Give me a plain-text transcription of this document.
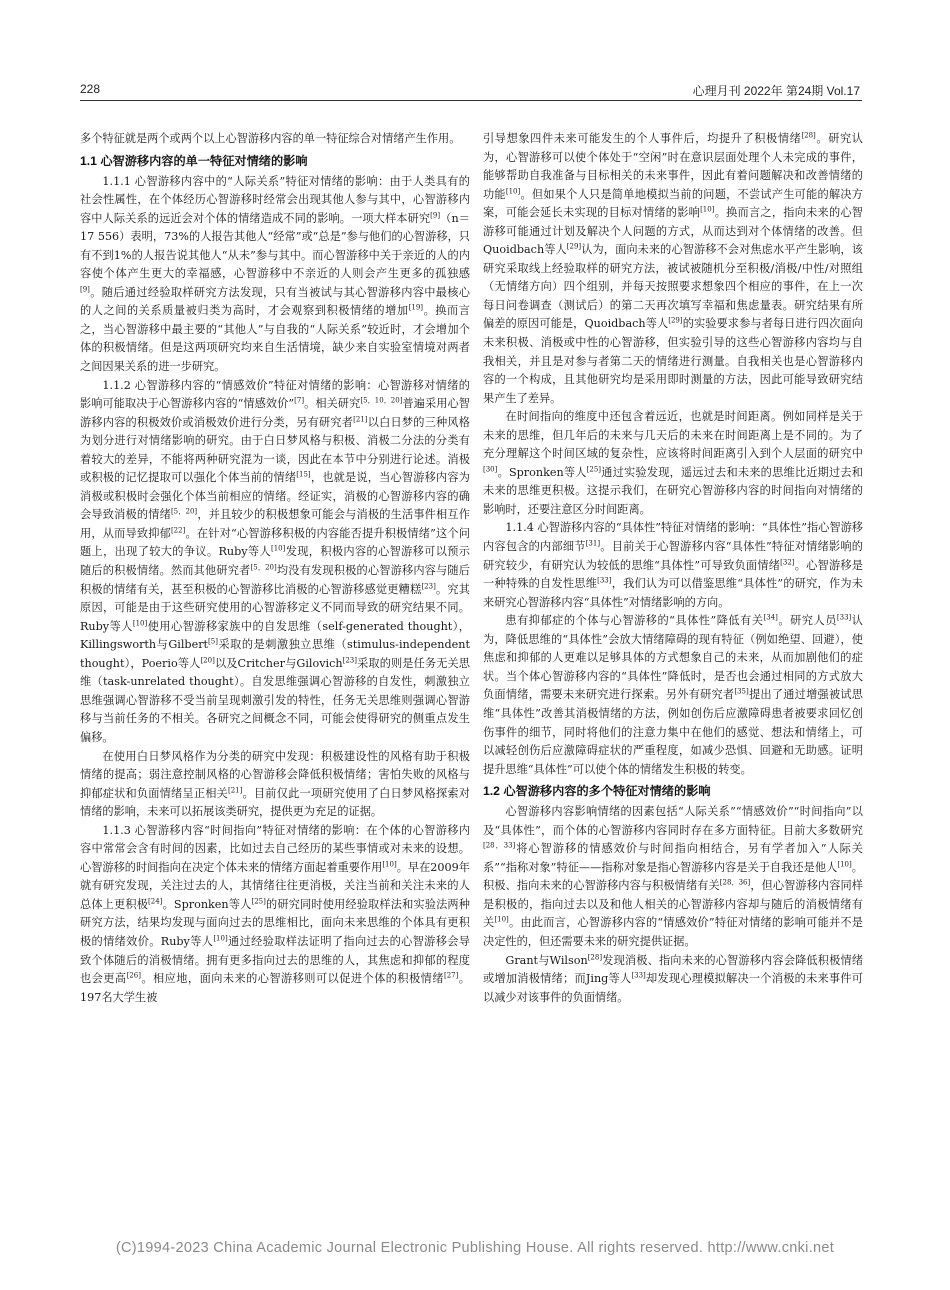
228	心理月刊 2022年 第24期 Vol.17

多个特征就是两个或两个以上心智游移内容的单一特征综合对情绪产生作用。

1.1 心智游移内容的单一特征对情绪的影响

1.1.1 心智游移内容中的“人际关系”特征对情绪的影响：由于人类具有的社会性属性，在个体经历心智游移时经常会出现其他人参与其中，心智游移内容中人际关系的远近会对个体的情绪造成不同的影响。一项大样本研究[9]（n＝17 556）表明，73%的人报告其他人“经常”或“总是”参与他们的心智游移，只有不到1%的人报告说其他人“从未”参与其中。而心智游移中关于亲近的人的内容使个体产生更大的幸福感，心智游移中不亲近的人则会产生更多的孤独感[9]。随后通过经验取样研究方法发现，只有当被试与其心智游移内容中最核心的人之间的关系质量被归类为高时，才会观察到积极情绪的增加[19]。换而言之，当心智游移中最主要的“其他人”与自我的“人际关系”较近时，才会增加个体的积极情绪。但是这两项研究均来自生活情境，缺少来自实验室情境对两者之间因果关系的进一步研究。

1.1.2 心智游移内容的“情感效价”特征对情绪的影响：心智游移对情绪的影响可能取决于心智游移内容的“情感效价”[7]。相关研究[5，10，20]普遍采用心智游移内容的积极效价或消极效价进行分类，另有研究者[21]以白日梦的三种风格为划分进行对情绪影响的研究。由于白日梦风格与积极、消极二分法的分类有着较大的差异，不能将两种研究混为一谈，因此在本节中分别进行论述。消极或积极的记忆提取可以强化个体当前的情绪[15]，也就是说，当心智游移内容为消极或积极时会强化个体当前相应的情绪。经证实，消极的心智游移内容的确会导致消极的情绪[5，20]，并且较少的积极想象可能会与消极的生活事件相互作用，从而导致抑郁[22]。在针对“心智游移积极的内容能否提升积极情绪”这个问题上，出现了较大的争议。Ruby等人[10]发现，积极内容的心智游移可以预示随后的积极情绪。然而其他研究者[5，20]均没有发现积极的心智游移内容与随后积极的情绪有关，甚至积极的心智游移比消极的心智游移感觉更糟糕[23]。究其原因，可能是由于这些研究使用的心智游移定义不同而导致的研究结果不同。Ruby等人[10]使用心智游移家族中的自发思维（self-generated thought），Killingsworth与Gilbert[5]采取的是刺激独立思维（stimulus-independent thought），Poerio等人[20]以及Critcher与Gilovich[23]采取的则是任务无关思维（task-unrelated thought）。自发思维强调心智游移的自发性，刺激独立思维强调心智游移不受当前呈现刺激引发的特性，任务无关思维则强调心智游移与当前任务的不相关。各研究之间概念不同，可能会使得研究的侧重点发生偏移。

在使用白日梦风格作为分类的研究中发现：积极建设性的风格有助于积极情绪的提高；弱注意控制风格的心智游移会降低积极情绪；害怕失败的风格与抑郁症状和负面情绪呈正相关[21]。目前仅此一项研究使用了白日梦风格探索对情绪的影响，未来可以拓展该类研究，提供更为充足的证据。

1.1.3 心智游移内容“时间指向”特征对情绪的影响：在个体的心智游移内容中常常会含有时间的因素，比如过去自己经历的某些事情或对未来的设想。心智游移的时间指向在决定个体未来的情绪方面起着重要作用[10]。早在2009年就有研究发现，关注过去的人，其情绪往往更消极，关注当前和关注未来的人总体上更积极[24]。Spronken等人[25]的研究同时使用经验取样法和实验法两种研究方法，结果均发现与面向过去的思维相比，面向未来思维的个体具有更积极的情绪效价。Ruby等人[10]通过经验取样法证明了指向过去的心智游移会导致个体随后的消极情绪。拥有更多指向过去的思维的人，其焦虑和抑郁的程度也会更高[26]。相应地，面向未来的心智游移则可以促进个体的积极情绪[27]。197名大学生被

引导想象四件未来可能发生的个人事件后，均提升了积极情绪[28]。研究认为，心智游移可以使个体处于“空闲”时在意识层面处理个人未完成的事件，能够帮助自我准备与目标相关的未来事件，因此有着问题解决和改善情绪的功能[10]。但如果个人只是简单地模拟当前的问题，不尝试产生可能的解决方案，可能会延长未实现的目标对情绪的影响[10]。换而言之，指向未来的心智游移可能通过计划及解决个人问题的方式，从而达到对个体情绪的改善。但Quoidbach等人[29]认为，面向未来的心智游移不会对焦虑水平产生影响，该研究采取线上经验取样的研究方法，被试被随机分至积极/消极/中性/对照组（无情绪方向）四个组别，并每天按照要求想象四个相应的事件，在上一次每日问卷调查（测试后）的第二天再次填写幸福和焦虑量表。研究结果有所偏差的原因可能是，Quoidbach等人[29]的实验要求参与者每日进行四次面向未来积极、消极或中性的心智游移，但实验引导的这些心智游移内容均与自我相关，并且是对参与者第二天的情绪进行测量。自我相关也是心智游移内容的一个构成，且其他研究均是采用即时测量的方法，因此可能导致研究结果产生了差异。

在时间指向的维度中还包含着远近，也就是时间距离。例如同样是关于未来的思维，但几年后的未来与几天后的未来在时间距离上是不同的。为了充分理解这个时间区域的复杂性，应该将时间距离引入到个人层面的研究中[30]。Spronken等人[25]通过实验发现，遥远过去和未来的思维比近期过去和未来的思维更积极。这提示我们，在研究心智游移内容的时间指向对情绪的影响时，还要注意区分时间距离。

1.1.4 心智游移内容的“具体性”特征对情绪的影响：“具体性”指心智游移内容包含的内部细节[31]。目前关于心智游移内容“具体性”特征对情绪影响的研究较少，有研究认为较低的思维“具体性”可导致负面情绪[32]。心智游移是一种特殊的自发性思维[33]，我们认为可以借鉴思维“具体性”的研究，作为未来研究心智游移内容“具体性”对情绪影响的方向。

患有抑郁症的个体与心智游移的“具体性”降低有关[34]。研究人员[33]认为，降低思维的“具体性”会放大情绪障碍的现有特征（例如绝望、回避），使焦虑和抑郁的人更难以足够具体的方式想象自己的未来，从而加剧他们的症状。当个体心智游移内容的“具体性”降低时，是否也会通过相同的方式放大负面情绪，需要未来研究进行探索。另外有研究者[35]提出了通过增强被试思维“具体性”改善其消极情绪的方法，例如创伤后应激障碍患者被要求回忆创伤事件的细节，同时将他们的注意力集中在他们的感觉、想法和情绪上，可以减轻创伤后应激障碍症状的严重程度，如减少恐惧、回避和无助感。证明提升思维“具体性”可以使个体的情绪发生积极的转变。

1.2 心智游移内容的多个特征对情绪的影响

心智游移内容影响情绪的因素包括“人际关系”“情感效价”“时间指向”以及“具体性”，而个体的心智游移内容同时存在多方面特征。目前大多数研究[28，33]将心智游移的情感效价与时间指向相结合，另有学者加入“人际关系”“指称对象”特征——指称对象是指心智游移内容是关于自我还是他人[10]。积极、指向未来的心智游移内容与积极情绪有关[28，36]，但心智游移内容同样是积极的，指向过去以及和他人相关的心智游移内容却与随后的消极情绪有关[10]。由此而言，心智游移内容的“情感效价”特征对情绪的影响可能并不是决定性的，但还需要未来的研究提供证据。

Grant与Wilson[28]发现消极、指向未来的心智游移内容会降低积极情绪或增加消极情绪；而Jing等人[33]却发现心理模拟解决一个消极的未来事件可以减少对该事件的负面情绪。

(C)1994-2023 China Academic Journal Electronic Publishing House. All rights reserved. http://www.cnki.net
